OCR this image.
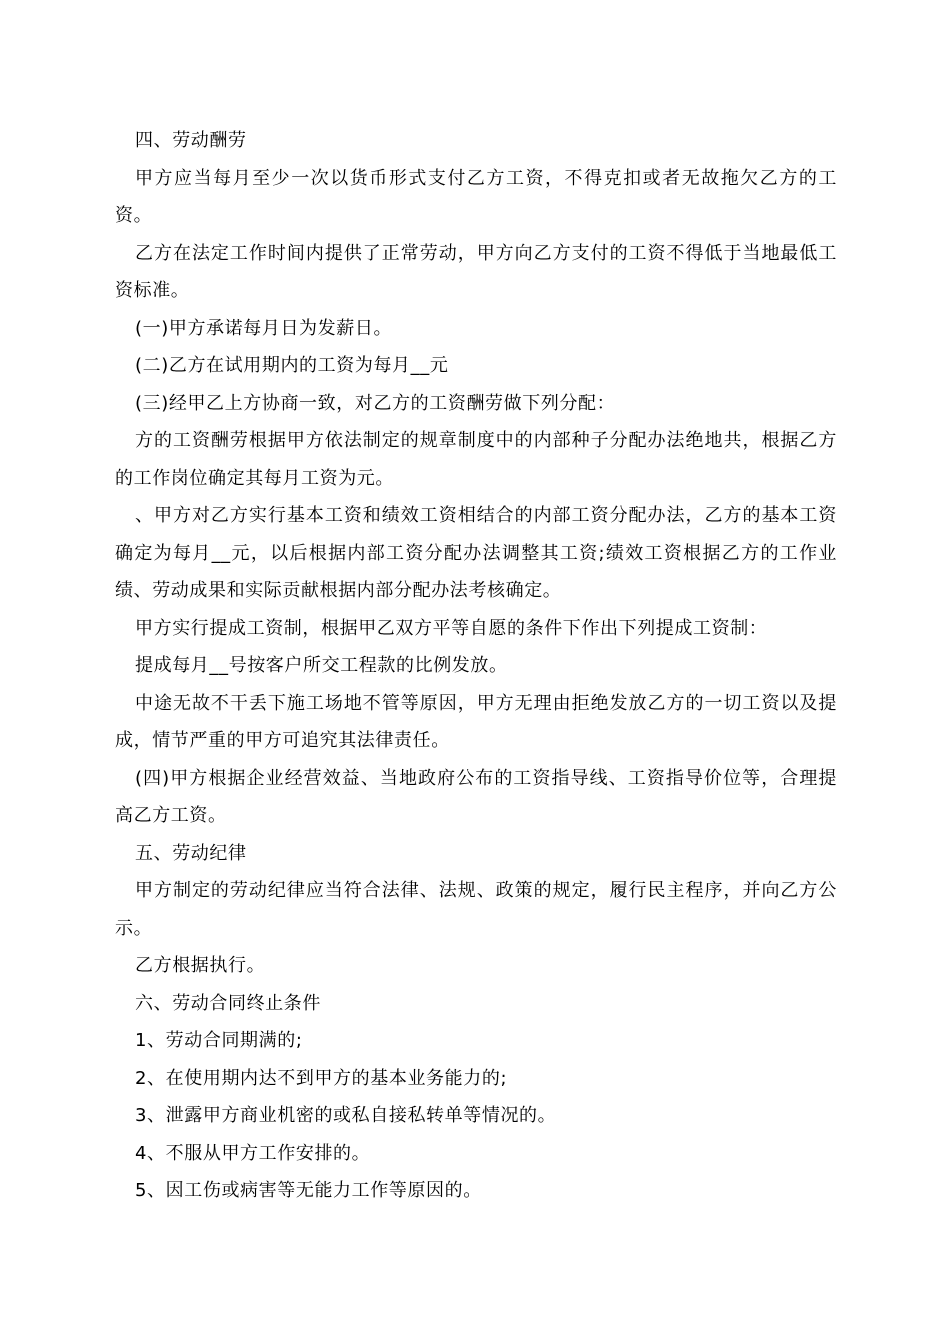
四、劳动酬劳

甲方应当每月至少一次以货币形式支付乙方工资，不得克扣或者无故拖欠乙方的工资。

乙方在法定工作时间内提供了正常劳动，甲方向乙方支付的工资不得低于当地最低工资标准。

(一)甲方承诺每月日为发薪日。

(二)乙方在试用期内的工资为每月__元

(三)经甲乙上方协商一致，对乙方的工资酬劳做下列分配：

方的工资酬劳根据甲方依法制定的规章制度中的内部种子分配办法绝地共，根据乙方的工作岗位确定其每月工资为元。

、甲方对乙方实行基本工资和绩效工资相结合的内部工资分配办法，乙方的基本工资确定为每月__元，以后根据内部工资分配办法调整其工资;绩效工资根据乙方的工作业绩、劳动成果和实际贡献根据内部分配办法考核确定。

甲方实行提成工资制，根据甲乙双方平等自愿的条件下作出下列提成工资制：

提成每月__号按客户所交工程款的比例发放。

中途无故不干丢下施工场地不管等原因，甲方无理由拒绝发放乙方的一切工资以及提成，情节严重的甲方可追究其法律责任。

(四)甲方根据企业经营效益、当地政府公布的工资指导线、工资指导价位等，合理提高乙方工资。

五、劳动纪律

甲方制定的劳动纪律应当符合法律、法规、政策的规定，履行民主程序，并向乙方公示。

乙方根据执行。

六、劳动合同终止条件

1、劳动合同期满的;

2、在使用期内达不到甲方的基本业务能力的;

3、泄露甲方商业机密的或私自接私转单等情况的。

4、不服从甲方工作安排的。

5、因工伤或病害等无能力工作等原因的。
